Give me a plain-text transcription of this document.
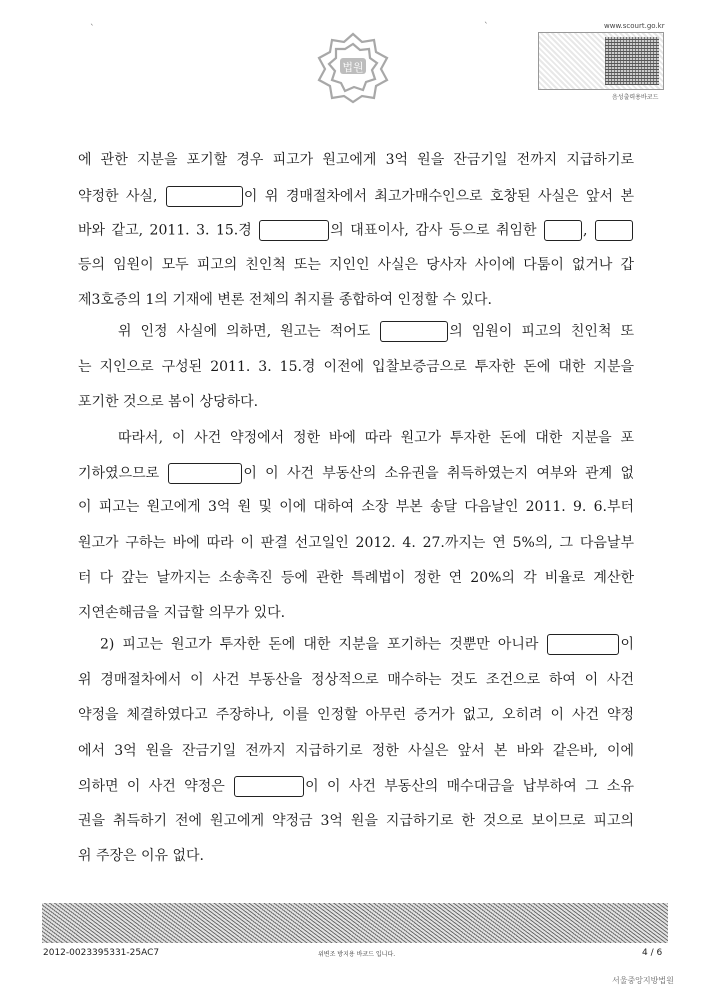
법원
www.scourt.go.kr
음성출력용바코드
`	`
에 관한 지분을 포기할 경우 피고가 원고에게 3억 원을 잔금기일 전까지 지급하기로
약정한 사실,	이 위 경매절차에서 최고가매수인으로 호창된 사실은 앞서 본
바와 같고, 2011. 3. 15.경	의 대표이사, 감사 등으로 취임한	,
등의 임원이 모두 피고의 친인척 또는 지인인 사실은 당사자 사이에 다툼이 없거나 갑
제3호증의 1의 기재에 변론 전체의 취지를 종합하여 인정할 수 있다.
위 인정 사실에 의하면, 원고는 적어도	의 임원이 피고의 친인척 또
는 지인으로 구성된 2011. 3. 15.경 이전에 입찰보증금으로 투자한 돈에 대한 지분을
포기한 것으로 봄이 상당하다.
따라서, 이 사건 약정에서 정한 바에 따라 원고가 투자한 돈에 대한 지분을 포
기하였으므로	이 이 사건 부동산의 소유권을 취득하였는지 여부와 관계 없
이 피고는 원고에게 3억 원 및 이에 대하여 소장 부본 송달 다음날인 2011. 9. 6.부터
원고가 구하는 바에 따라 이 판결 선고일인 2012. 4. 27.까지는 연 5%의, 그 다음날부
터 다 갚는 날까지는 소송촉진 등에 관한 특례법이 정한 연 20%의 각 비율로 계산한
지연손해금을 지급할 의무가 있다.
2) 피고는 원고가 투자한 돈에 대한 지분을 포기하는 것뿐만 아니라	이
위 경매절차에서 이 사건 부동산을 정상적으로 매수하는 것도 조건으로 하여 이 사건
약정을 체결하였다고 주장하나, 이를 인정할 아무런 증거가 없고, 오히려 이 사건 약정
에서 3억 원을 잔금기일 전까지 지급하기로 정한 사실은 앞서 본 바와 같은바, 이에
의하면 이 사건 약정은	이 이 사건 부동산의 매수대금을 납부하여 그 소유
권을 취득하기 전에 원고에게 약정금 3억 원을 지급하기로 한 것으로 보이므로 피고의
위 주장은 이유 없다.
2012-0023395331-25AC7	위변조 방지용 바코드 입니다.	4 / 6
서울중앙지방법원
